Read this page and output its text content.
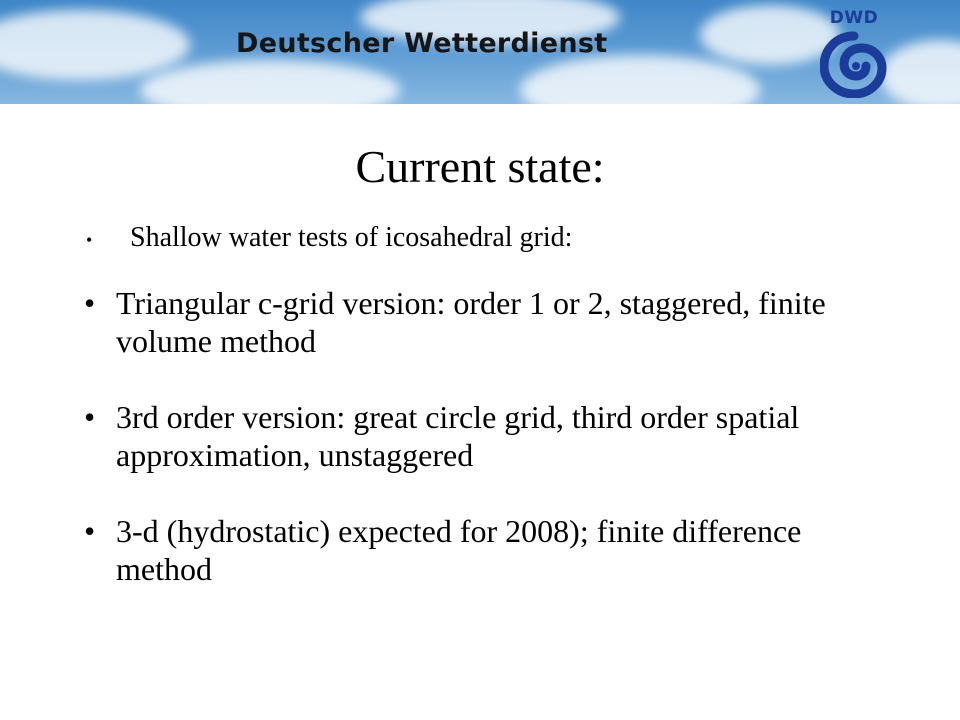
Deutscher Wetterdienst
DWD
Current state:
• Shallow water tests of icosahedral grid:
• Triangular c-grid version: order 1 or 2, staggered, finite volume method
• 3rd order version: great circle grid, third order spatial approximation, unstaggered
• 3-d (hydrostatic) expected for 2008); finite difference method
